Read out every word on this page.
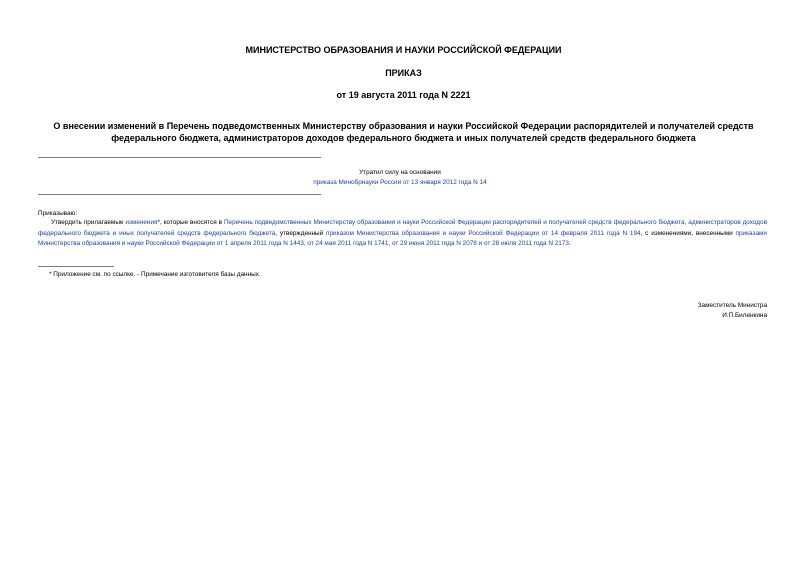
МИНИСТЕРСТВО ОБРАЗОВАНИЯ И НАУКИ РОССИЙСКОЙ ФЕДЕРАЦИИ
ПРИКАЗ
от 19 августа 2011 года N 2221
О внесении изменений в Перечень подведомственных Министерству образования и науки Российской Федерации распорядителей и получателей средств
федерального бюджета, администраторов доходов федерального бюджета и иных получателей средств федерального бюджета
Утратил силу на основании
приказа Минобрнауки России от 13 января 2012 года N 14
Приказываю:
Утвердить прилагаемые изменения*, которые вносятся в Перечень подведомственных Министерству образования и науки Российской Федерации распорядителей и получателей средств федерального бюджета, администраторов доходов федерального бюджета и иных получателей средств федерального бюджета, утвержденный приказом Министерства образования и науки Российской Федерации от 14 февраля 2011 года N 194, с изменениями, внесенными приказами Министерства образования и науки Российской Федерации от 1 апреля 2011 года N 1443, от 24 мая 2011 года N 1741, от 29 июня 2011 года N 2078 и от 28 июля 2011 года N 2173.
* Приложение см. по ссылке. - Примечание изготовителя базы данных.
Заместитель Министра
И.П.Биленкина
